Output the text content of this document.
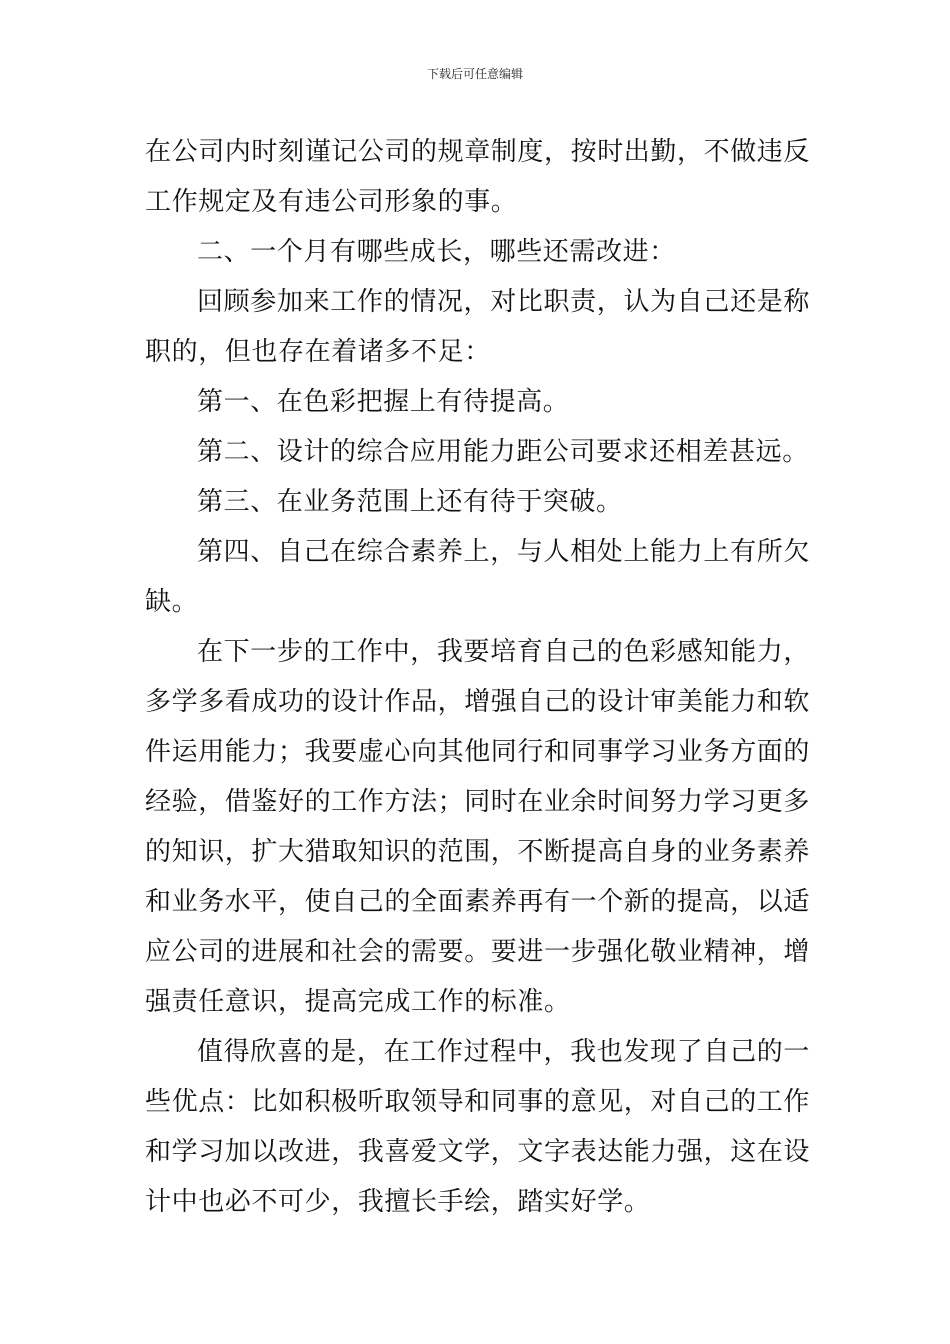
下载后可任意编辑

在公司内时刻谨记公司的规章制度，按时出勤，不做违反工作规定及有违公司形象的事。

二、一个月有哪些成长，哪些还需改进：

回顾参加来工作的情况，对比职责，认为自己还是称职的，但也存在着诸多不足：

第一、在色彩把握上有待提高。

第二、设计的综合应用能力距公司要求还相差甚远。

第三、在业务范围上还有待于突破。

第四、自己在综合素养上，与人相处上能力上有所欠缺。

在下一步的工作中，我要培育自己的色彩感知能力，多学多看成功的设计作品，增强自己的设计审美能力和软件运用能力；我要虚心向其他同行和同事学习业务方面的经验，借鉴好的工作方法；同时在业余时间努力学习更多的知识，扩大猎取知识的范围，不断提高自身的业务素养和业务水平，使自己的全面素养再有一个新的提高，以适应公司的进展和社会的需要。要进一步强化敬业精神，增强责任意识，提高完成工作的标准。

值得欣喜的是，在工作过程中，我也发现了自己的一些优点：比如积极听取领导和同事的意见，对自己的工作和学习加以改进，我喜爱文学，文字表达能力强，这在设计中也必不可少，我擅长手绘，踏实好学。
